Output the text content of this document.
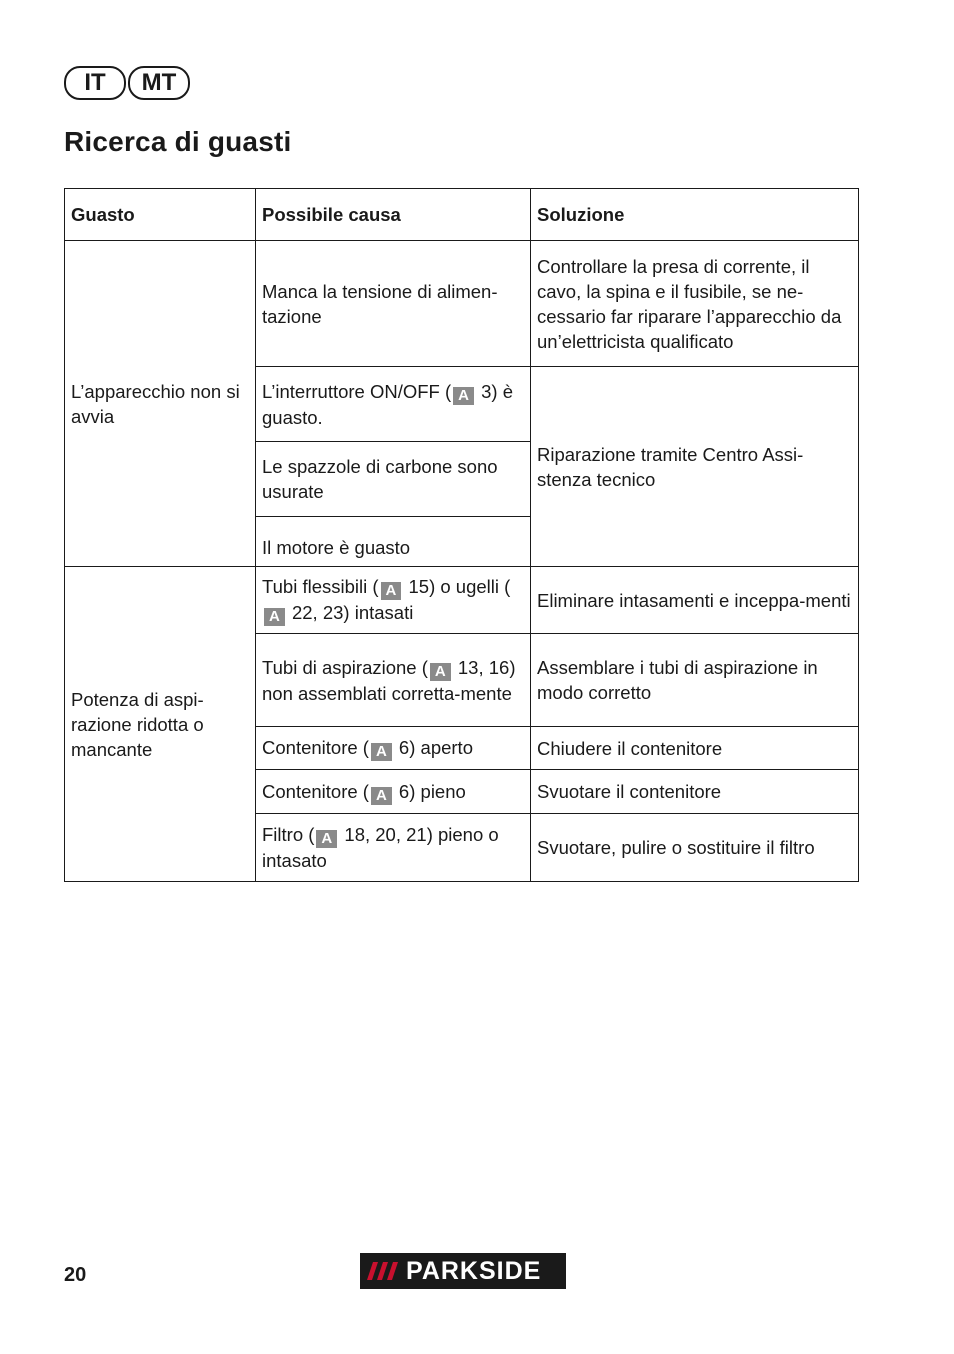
IT	MT
Ricerca di guasti
Guasto	Possibile causa	Soluzione
L’apparecchio non si avvia	Manca la tensione di alimen-tazione	Controllare la presa di corrente, il cavo, la spina e il fusibile, se ne-cessario far riparare l’apparecchio da un’elettricista qualificato
	L’interruttore ON/OFF ( A 3) è guasto.	Riparazione tramite Centro Assi-stenza tecnico
	Le spazzole di carbone sono usurate	
	Il motore è guasto	
Potenza di aspi-razione ridotta o mancante	Tubi flessibili ( A 15) o ugelli (A 22, 23) intasati	Eliminare intasamenti e inceppa-menti
	Tubi di aspirazione ( A 13, 16) non assemblati corretta-mente	Assemblare i tubi di aspirazione in modo corretto
	Contenitore ( A 6) aperto	Chiudere il contenitore
	Contenitore ( A 6) pieno	Svuotare il contenitore
	Filtro ( A 18, 20, 21) pieno o intasato	Svuotare, pulire o sostituire il filtro
20	PARKSIDE
